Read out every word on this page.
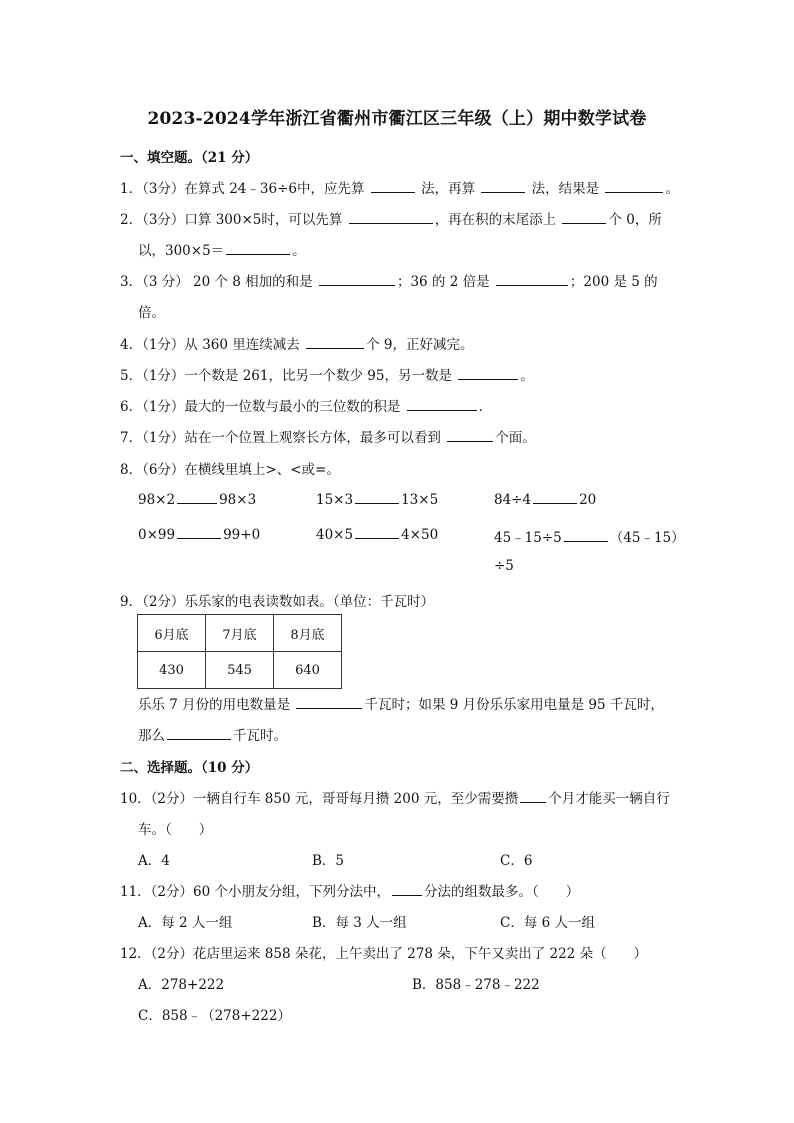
2023-2024学年浙江省衢州市衢江区三年级（上）期中数学试卷
一、填空题。（21 分）
1．（3分）在算式 24﹣36÷6中，应先算	法，再算	法，结果是	。
2．（3分）口算 300×5时，可以先算	，再在积的末尾添上	个 0，所
以，300×5＝	。
3．（3 分） 20 个 8 相加的和是	；36 的 2 倍是	；200 是 5 的
倍。
4．（1分）从 360 里连续减去	个 9，正好减完。
5．（1分）一个数是 261，比另一个数少 95，另一数是	。
6．（1分）最大的一位数与最小的三位数的积是	．
7．（1分）站在一个位置上观察长方体，最多可以看到	个面。
8．（6分）在横线里填上>、<或=。
98×2	98×3	15×3	13×5	84÷4	20
0×99	99+0	40×5	4×50	45﹣15÷5	（45﹣15）
÷5
9．（2分）乐乐家的电表读数如表。（单位：千瓦时）
6月底	7月底	8月底
430	545	640
乐乐 7 月份的用电数量是	千瓦时；如果 9 月份乐乐家用电量是 95 千瓦时，
那么	千瓦时。
二、选择题。（10 分）
10．（2分）一辆自行车 850 元，哥哥每月攒 200 元，至少需要攒 个月才能买一辆自行
车。（　　）
A．4	B．5	C．6
11．（2分）60 个小朋友分组，下列分法中，	分法的组数最多。（　　）
A．每 2 人一组	B．每 3 人一组	C．每 6 人一组
12．（2分）花店里运来 858 朵花，上午卖出了 278 朵，下午又卖出了 222 朵（　　）
A．278+222	B．858﹣278﹣222
C．858﹣（278+222）
